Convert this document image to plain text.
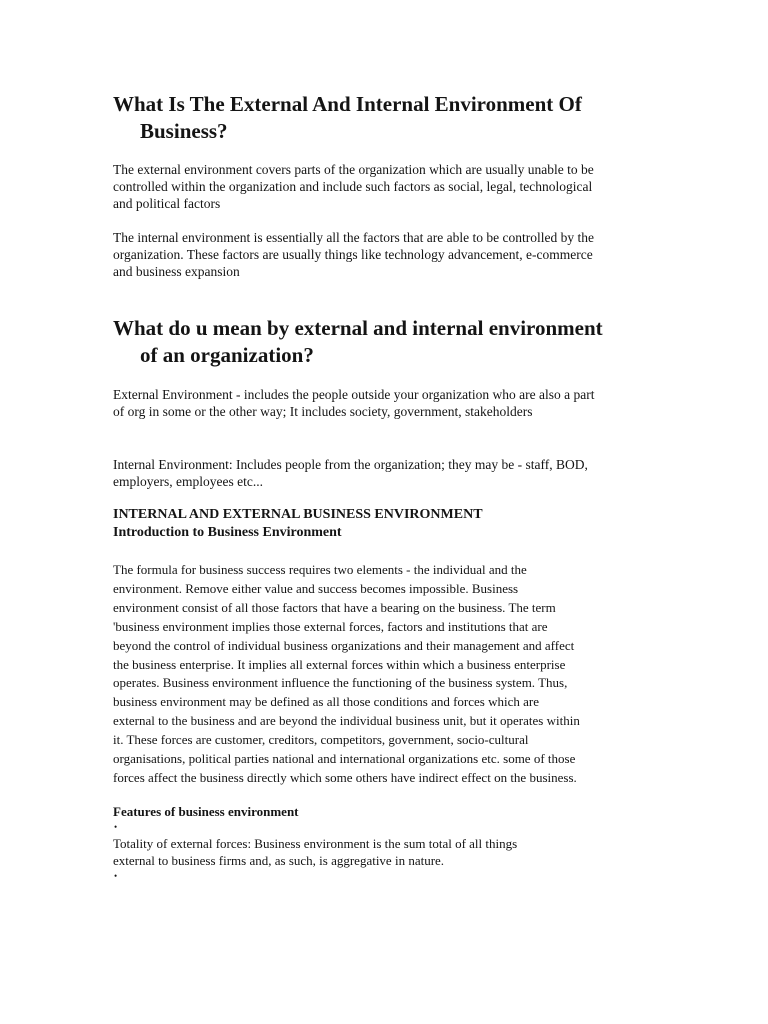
What Is The External And Internal Environment Of
Business?

The external environment covers parts of the organization which are usually unable to be
controlled within the organization and include such factors as social, legal, technological
and political factors

The internal environment is essentially all the factors that are able to be controlled by the
organization. These factors are usually things like technology advancement, e-commerce
and business expansion

What do u mean by external and internal environment
of an organization?

External Environment - includes the people outside your organization who are also a part
of org in some or the other way; It includes society, government, stakeholders

Internal Environment: Includes people from the organization; they may be - staff, BOD,
employers, employees etc...

INTERNAL AND EXTERNAL BUSINESS ENVIRONMENT
Introduction to Business Environment

The formula for business success requires two elements - the individual and the
environment. Remove either value and success becomes impossible. Business
environment consist of all those factors that have a bearing on the business. The term
'business environment implies those external forces, factors and institutions that are
beyond the control of individual business organizations and their management and affect
the business enterprise. It implies all external forces within which a business enterprise
operates. Business environment influence the functioning of the business system. Thus,
business environment may be defined as all those conditions and forces which are
external to the business and are beyond the individual business unit, but it operates within
it. These forces are customer, creditors, competitors, government, socio-cultural
organisations, political parties national and international organizations etc. some of those
forces affect the business directly which some others have indirect effect on the business.

Features of business environment
•

Totality of external forces: Business environment is the sum total of all things
external to business firms and, as such, is aggregative in nature.

•
